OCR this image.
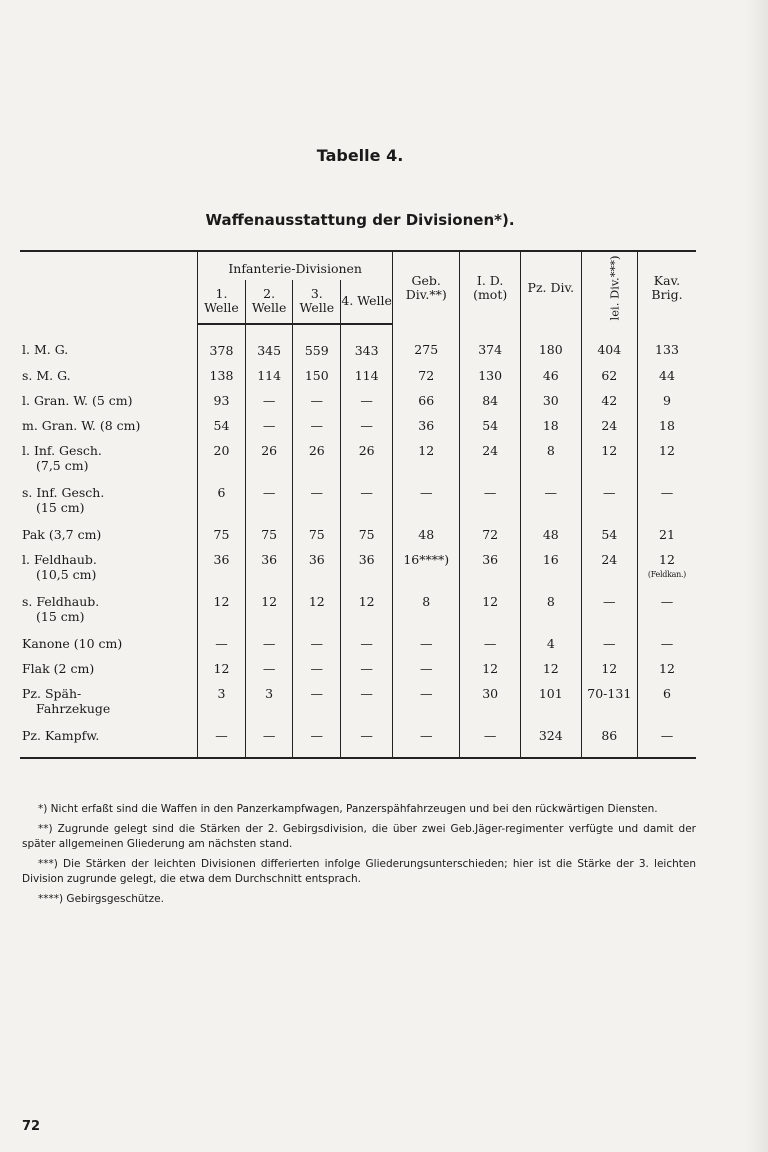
Tabelle 4.
Waffenausstattung der Divisionen*).
	Infanterie-Divisionen				Geb. Div.**)	I. D. (mot)	Pz. Div.	lei. Div.***)	Kav. Brig.
	1. Welle	2. Welle	3. Welle	4. Welle					
l. M. G.	378	345	559	343	275	374	180	404	133
s. M. G.	138	114	150	114	72	130	46	62	44
l. Gran. W. (5 cm)	93	—	—	—	66	84	30	42	9
m. Gran. W. (8 cm)	54	—	—	—	36	54	18	24	18
l. Inf. Gesch.
(7,5 cm)	20	26	26	26	12	24	8	12	12
s. Inf. Gesch.
(15 cm)	6	—	—	—	—	—	—	—	—
Pak (3,7 cm)	75	75	75	75	48	72	48	54	21
l. Feldhaub.
(10,5 cm)	36	36	36	36	16****)	36	16	24	12
(Feldkan.)

s. Feldhaub.
(15 cm)	12	12	12	12	8	12	8	—	—
Kanone (10 cm)	—	—	—	—	—	—	4	—	—
Flak (2 cm)	12	—	—	—	—	12	12	12	12
Pz. Späh-
Fahrzekuge	3	3	—	—	—	30	101	70-131	6
Pz. Kampfw.	—	—	—	—	—	—	324	86	—

*) Nicht erfaßt sind die Waffen in den Panzerkampfwagen, Panzerspähfahrzeugen und bei den rückwärtigen Diensten.

**) Zugrunde gelegt sind die Stärken der 2. Gebirgsdivision, die über zwei Geb.Jäger-regimenter verfügte und damit der später allgemeinen Gliederung am nächsten stand.

***) Die Stärken der leichten Divisionen differierten infolge Gliederungsunterschieden; hier ist die Stärke der 3. leichten Division zugrunde gelegt, die etwa dem Durchschnitt entsprach.

****) Gebirgsgeschütze.

72
